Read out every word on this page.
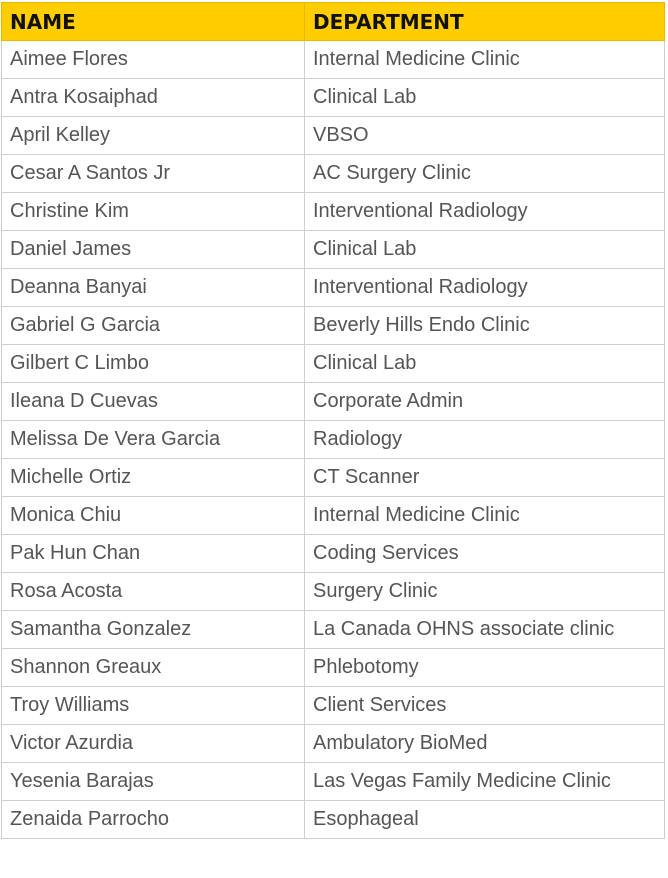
NAME	DEPARTMENT
Aimee Flores	Internal Medicine Clinic
Antra Kosaiphad	Clinical Lab
April Kelley	VBSO
Cesar A Santos Jr	AC Surgery Clinic
Christine Kim	Interventional Radiology
Daniel James	Clinical Lab
Deanna Banyai	Interventional Radiology
Gabriel G Garcia	Beverly Hills Endo Clinic
Gilbert C Limbo	Clinical Lab
Ileana D Cuevas	Corporate Admin
Melissa De Vera Garcia	Radiology
Michelle Ortiz	CT Scanner
Monica Chiu	Internal Medicine Clinic
Pak Hun Chan	Coding Services
Rosa Acosta	Surgery Clinic
Samantha Gonzalez	La Canada OHNS associate clinic
Shannon Greaux	Phlebotomy
Troy Williams	Client Services
Victor Azurdia	Ambulatory BioMed
Yesenia Barajas	Las Vegas Family Medicine Clinic
Zenaida Parrocho	Esophageal
